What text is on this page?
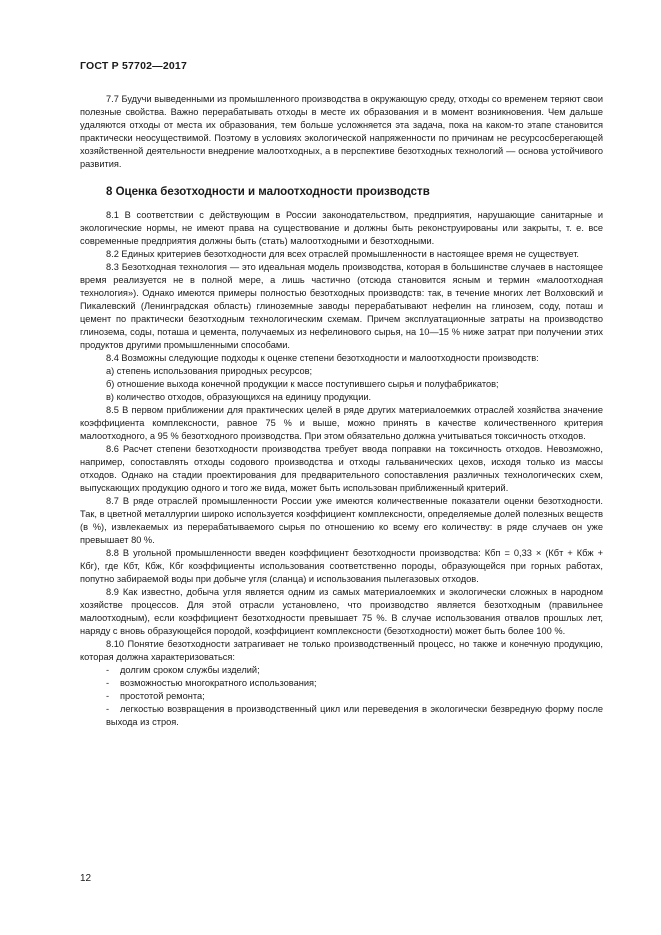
ГОСТ Р 57702—2017

7.7 Будучи выведенными из промышленного производства в окружающую среду, отходы со временем теряют свои полезные свойства. Важно перерабатывать отходы в месте их образования и в момент возникновения. Чем дальше удаляются отходы от места их образования, тем больше усложняется эта задача, пока на каком-то этапе становится практически неосуществимой. Поэтому в условиях экологической напряженности по причинам не ресурсосберегающей хозяйственной деятельности внедрение малоотходных, а в перспективе безотходных технологий — основа устойчивого развития.

8 Оценка безотходности и малоотходности производств

8.1 В соответствии с действующим в России законодательством, предприятия, нарушающие санитарные и экологические нормы, не имеют права на существование и должны быть реконструированы или закрыты, т. е. все современные предприятия должны быть (стать) малоотходными и безотходными.

8.2 Единых критериев безотходности для всех отраслей промышленности в настоящее время не существует.

8.3 Безотходная технология — это идеальная модель производства, которая в большинстве случаев в настоящее время реализуется не в полной мере, а лишь частично (отсюда становится ясным и термин «малоотходная технология»). Однако имеются примеры полностью безотходных производств: так, в течение многих лет Волховский и Пикалевский (Ленинградская область) глиноземные заводы перерабатывают нефелин на глинозем, соду, поташ и цемент по практически безотходным технологическим схемам. Причем эксплуатационные затраты на производство глинозема, соды, поташа и цемента, получаемых из нефелинового сырья, на 10—15 % ниже затрат при получении этих продуктов другими промышленными способами.

8.4 Возможны следующие подходы к оценке степени безотходности и малоотходности производств:

а) степень использования природных ресурсов;

б) отношение выхода конечной продукции к массе поступившего сырья и полуфабрикатов;

в) количество отходов, образующихся на единицу продукции.

8.5 В первом приближении для практических целей в ряде других материалоемких отраслей хозяйства значение коэффициента комплексности, равное 75 % и выше, можно принять в качестве количественного критерия малоотходного, а 95 % безотходного производства. При этом обязательно должна учитываться токсичность отходов.

8.6 Расчет степени безотходности производства требует ввода поправки на токсичность отходов. Невозможно, например, сопоставлять отходы содового производства и отходы гальванических цехов, исходя только из массы отходов. Однако на стадии проектирования для предварительного сопоставления различных технологических схем, выпускающих продукцию одного и того же вида, может быть использован приближенный критерий.

8.7 В ряде отраслей промышленности России уже имеются количественные показатели оценки безотходности. Так, в цветной металлургии широко используется коэффициент комплексности, определяемые долей полезных веществ (в %), извлекаемых из перерабатываемого сырья по отношению ко всему его количеству: в ряде случаев он уже превышает 80 %.

8.8 В угольной промышленности введен коэффициент безотходности производства: Кбп = 0,33 × (Кбт + Кбж + Кбг), где Кбт, Кбж, Кбг коэффициенты использования соответственно породы, образующейся при горных работах, попутно забираемой воды при добыче угля (сланца) и использования пылегазовых отходов.

8.9 Как известно, добыча угля является одним из самых материалоемких и экологически сложных в народном хозяйстве процессов. Для этой отрасли установлено, что производство является безотходным (правильнее малоотходным), если коэффициент безотходности превышает 75 %. В случае использования отвалов прошлых лет, наряду с вновь образующейся породой, коэффициент комплексности (безотходности) может быть более 100 %.

8.10 Понятие безотходности затрагивает не только производственный процесс, но также и конечную продукцию, которая должна характеризоваться:

- долгим сроком службы изделий;

- возможностью многократного использования;

- простотой ремонта;

- легкостью возвращения в производственный цикл или переведения в экологически безвредную форму после выхода из строя.

12
